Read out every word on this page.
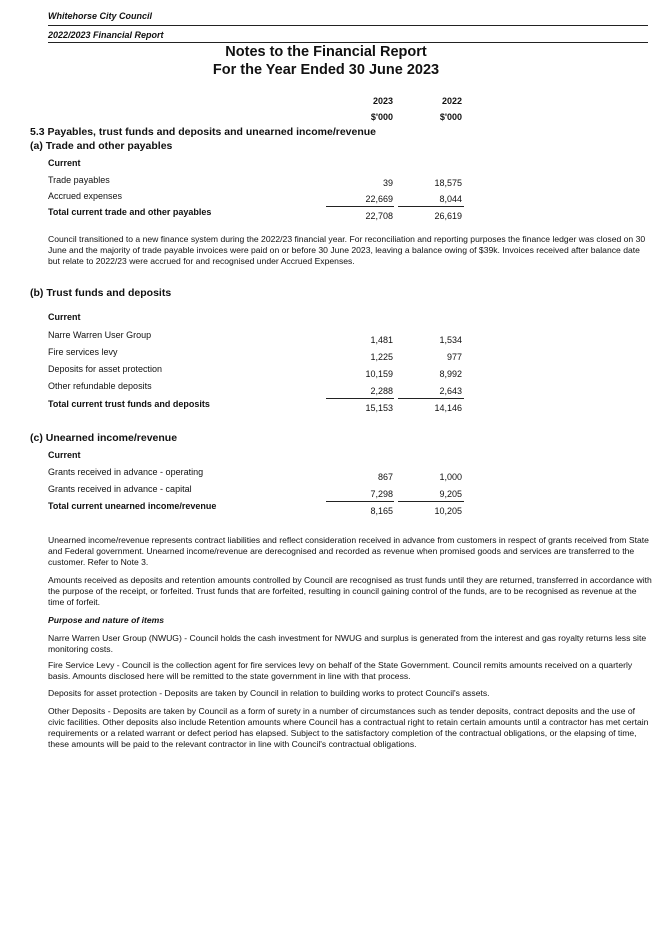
Whitehorse City Council
2022/2023 Financial Report
Notes to the Financial Report
For the Year Ended 30 June 2023
2023	2022
$'000	$'000
5.3 Payables, trust funds and deposits and unearned income/revenue
(a) Trade and other payables
Current
Trade payables	39	18,575
Accrued expenses	22,669	8,044
Total current trade and other payables	22,708	26,619
Council transitioned to a new finance system during the 2022/23 financial year. For reconciliation and reporting purposes the finance ledger was closed on 30 June and the majority of trade payable invoices were paid on or before 30 June 2023, leaving a balance owing of $39k. Invoices received after balance date but relate to 2022/23 were accrued for and recognised under Accrued Expenses.
(b) Trust funds and deposits
Current
Narre Warren User Group	1,481	1,534
Fire services levy	1,225	977
Deposits for asset protection	10,159	8,992
Other refundable deposits	2,288	2,643
Total current trust funds and deposits	15,153	14,146
(c) Unearned income/revenue
Current
Grants received in advance - operating	867	1,000
Grants received in advance - capital	7,298	9,205
Total current unearned income/revenue	8,165	10,205
Unearned income/revenue represents contract liabilities and reflect consideration received in advance from customers in respect of grants received from State and Federal government. Unearned income/revenue are derecognised and recorded as revenue when promised goods and services are transferred to the customer. Refer to Note 3.
Amounts received as deposits and retention amounts controlled by Council are recognised as trust funds until they are returned, transferred in accordance with the purpose of the receipt, or forfeited. Trust funds that are forfeited, resulting in council gaining control of the funds, are to be recognised as revenue at the time of forfeit.
Purpose and nature of items
Narre Warren User Group (NWUG) - Council holds the cash investment for NWUG and surplus is generated from the interest and gas royalty returns less site monitoring costs.
Fire Service Levy - Council is the collection agent for fire services levy on behalf of the State Government. Council remits amounts received on a quarterly basis. Amounts disclosed here will be remitted to the state government in line with that process.
Deposits for asset protection - Deposits are taken by Council in relation to building works to protect Council's assets.
Other Deposits - Deposits are taken by Council as a form of surety in a number of circumstances such as tender deposits, contract deposits and the use of civic facilities. Other deposits also include Retention amounts where Council has a contractual right to retain certain amounts until a contractor has met certain requirements or a related warrant or defect period has elapsed. Subject to the satisfactory completion of the contractual obligations, or the elapsing of time, these amounts will be paid to the relevant contractor in line with Council's contractual obligations.
